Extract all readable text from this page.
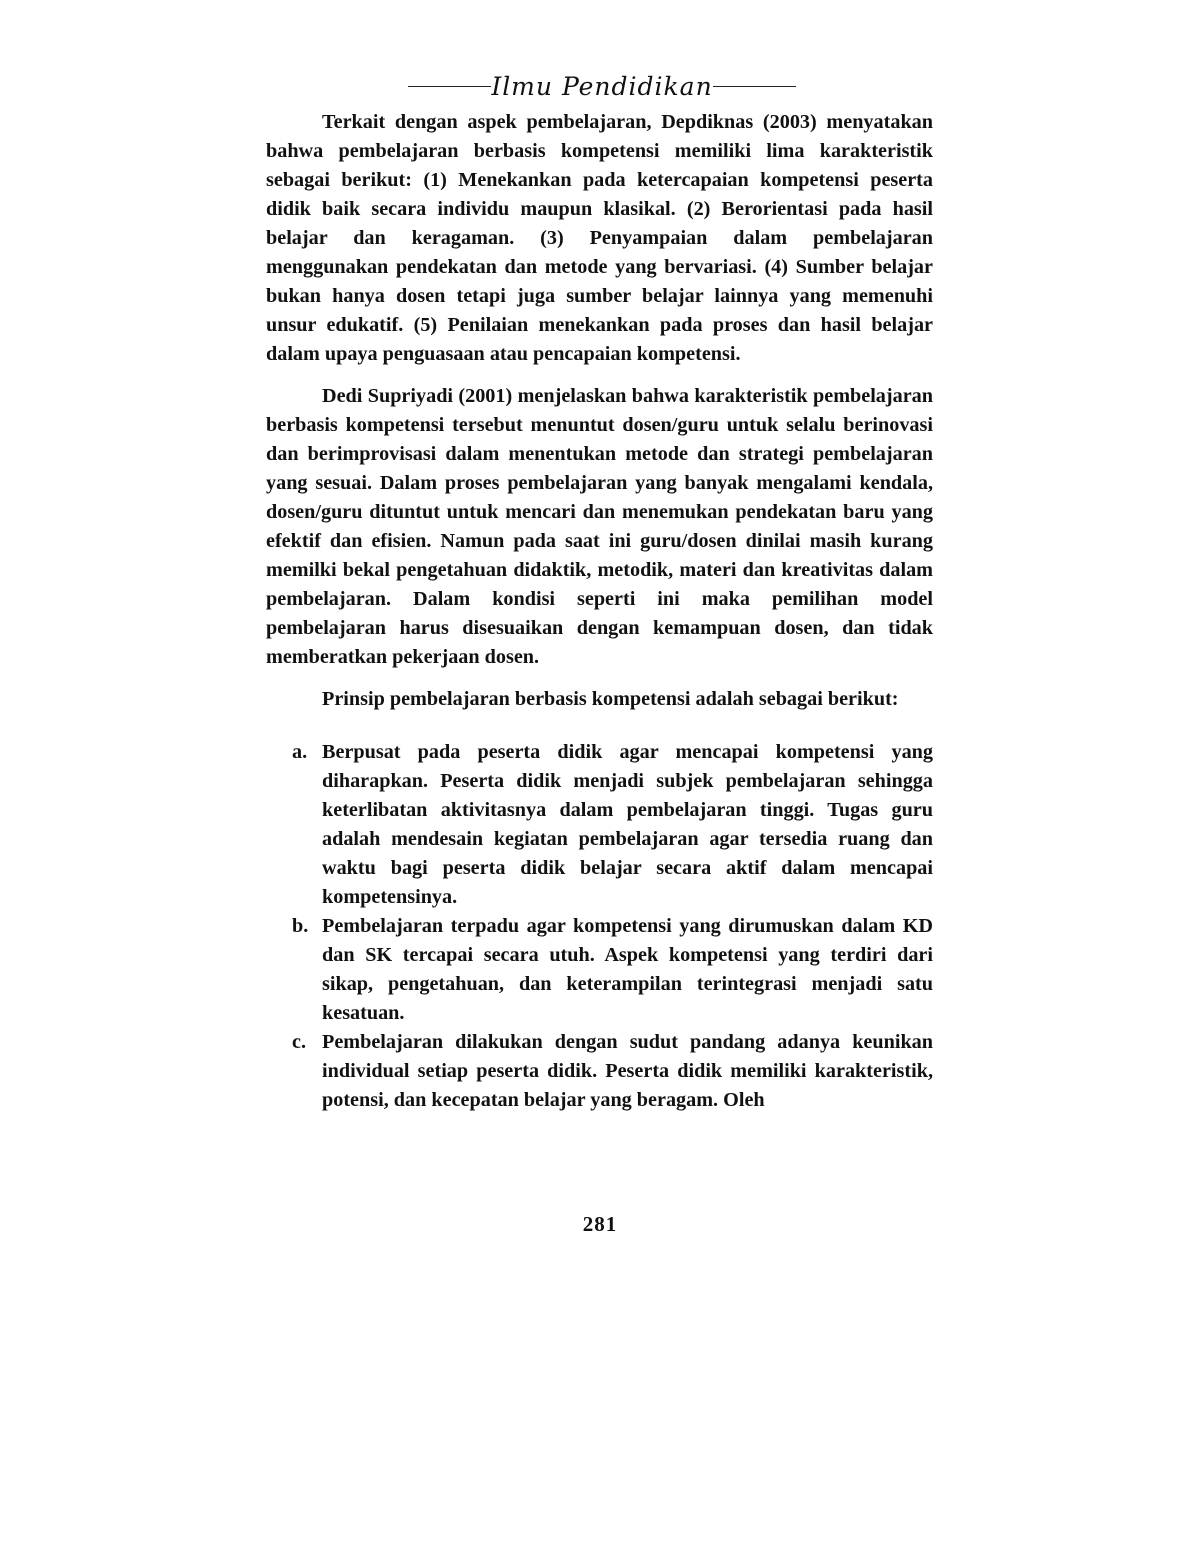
Ilmu Pendidikan

Terkait dengan aspek pembelajaran, Depdiknas (2003) menyatakan bahwa pembelajaran berbasis kompetensi memiliki lima karakteristik sebagai berikut: (1) Menekankan pada ketercapaian kompetensi peserta didik baik secara individu maupun klasikal. (2) Berorientasi pada hasil belajar dan keragaman. (3) Penyampaian dalam pembelajaran menggunakan pendekatan dan metode yang bervariasi. (4) Sumber belajar bukan hanya dosen tetapi juga sumber belajar lainnya yang memenuhi unsur edukatif. (5) Penilaian menekankan pada proses dan hasil belajar dalam upaya penguasaan atau pencapaian kompetensi.

Dedi Supriyadi (2001) menjelaskan bahwa karakteristik pembelajaran berbasis kompetensi tersebut menuntut dosen/guru untuk selalu berinovasi dan berimprovisasi dalam menentukan metode dan strategi pembelajaran yang sesuai. Dalam proses pembelajaran yang banyak mengalami kendala, dosen/guru dituntut untuk mencari dan menemukan pendekatan baru yang efektif dan efisien. Namun pada saat ini guru/dosen dinilai masih kurang memilki bekal pengetahuan didaktik, metodik, materi dan kreativitas dalam pembelajaran. Dalam kondisi seperti ini maka pemilihan model pembelajaran harus disesuaikan dengan kemampuan dosen, dan tidak memberatkan pekerjaan dosen.

Prinsip pembelajaran berbasis kompetensi adalah sebagai berikut:

a. Berpusat pada peserta didik agar mencapai kompetensi yang diharapkan. Peserta didik menjadi subjek pembelajaran sehingga keterlibatan aktivitasnya dalam pembelajaran tinggi. Tugas guru adalah mendesain kegiatan pembelajaran agar tersedia ruang dan waktu bagi peserta didik belajar secara aktif dalam mencapai kompetensinya.
b. Pembelajaran terpadu agar kompetensi yang dirumuskan dalam KD dan SK tercapai secara utuh. Aspek kompetensi yang terdiri dari sikap, pengetahuan, dan keterampilan terintegrasi menjadi satu kesatuan.
c. Pembelajaran dilakukan dengan sudut pandang adanya keunikan individual setiap peserta didik. Peserta didik memiliki karakteristik, potensi, dan kecepatan belajar yang beragam. Oleh
281
